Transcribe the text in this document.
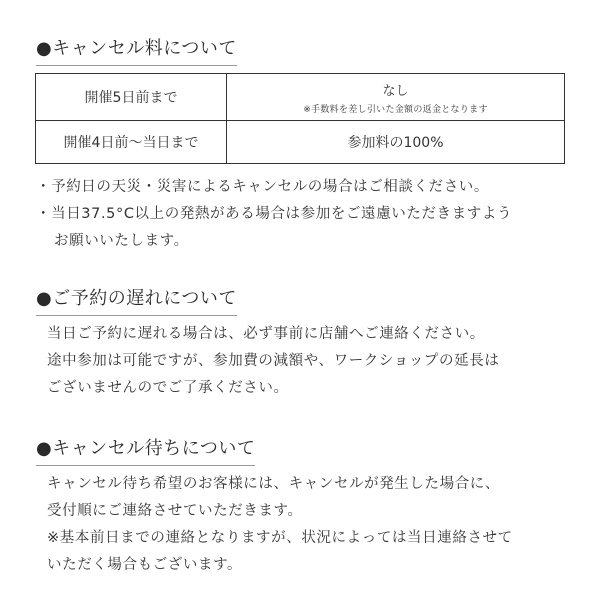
●キャンセル料について
開催5日前まで	なし
※手数料を差し引いた金額の返金となります

開催4日前〜当日まで	参加料の100%
・予約日の天災・災害によるキャンセルの場合はご相談ください。
・当日37.5°C以上の発熱がある場合は参加をご遠慮いただきますよう
お願いいたします。
●ご予約の遅れについて
当日ご予約に遅れる場合は、必ず事前に店舗へご連絡ください。
途中参加は可能ですが、参加費の減額や、ワークショップの延長は
ございませんのでご了承ください。
●キャンセル待ちについて
キャンセル待ち希望のお客様には、キャンセルが発生した場合に、
受付順にご連絡させていただきます。
※基本前日までの連絡となりますが、状況によっては当日連絡させて
いただく場合もございます。
